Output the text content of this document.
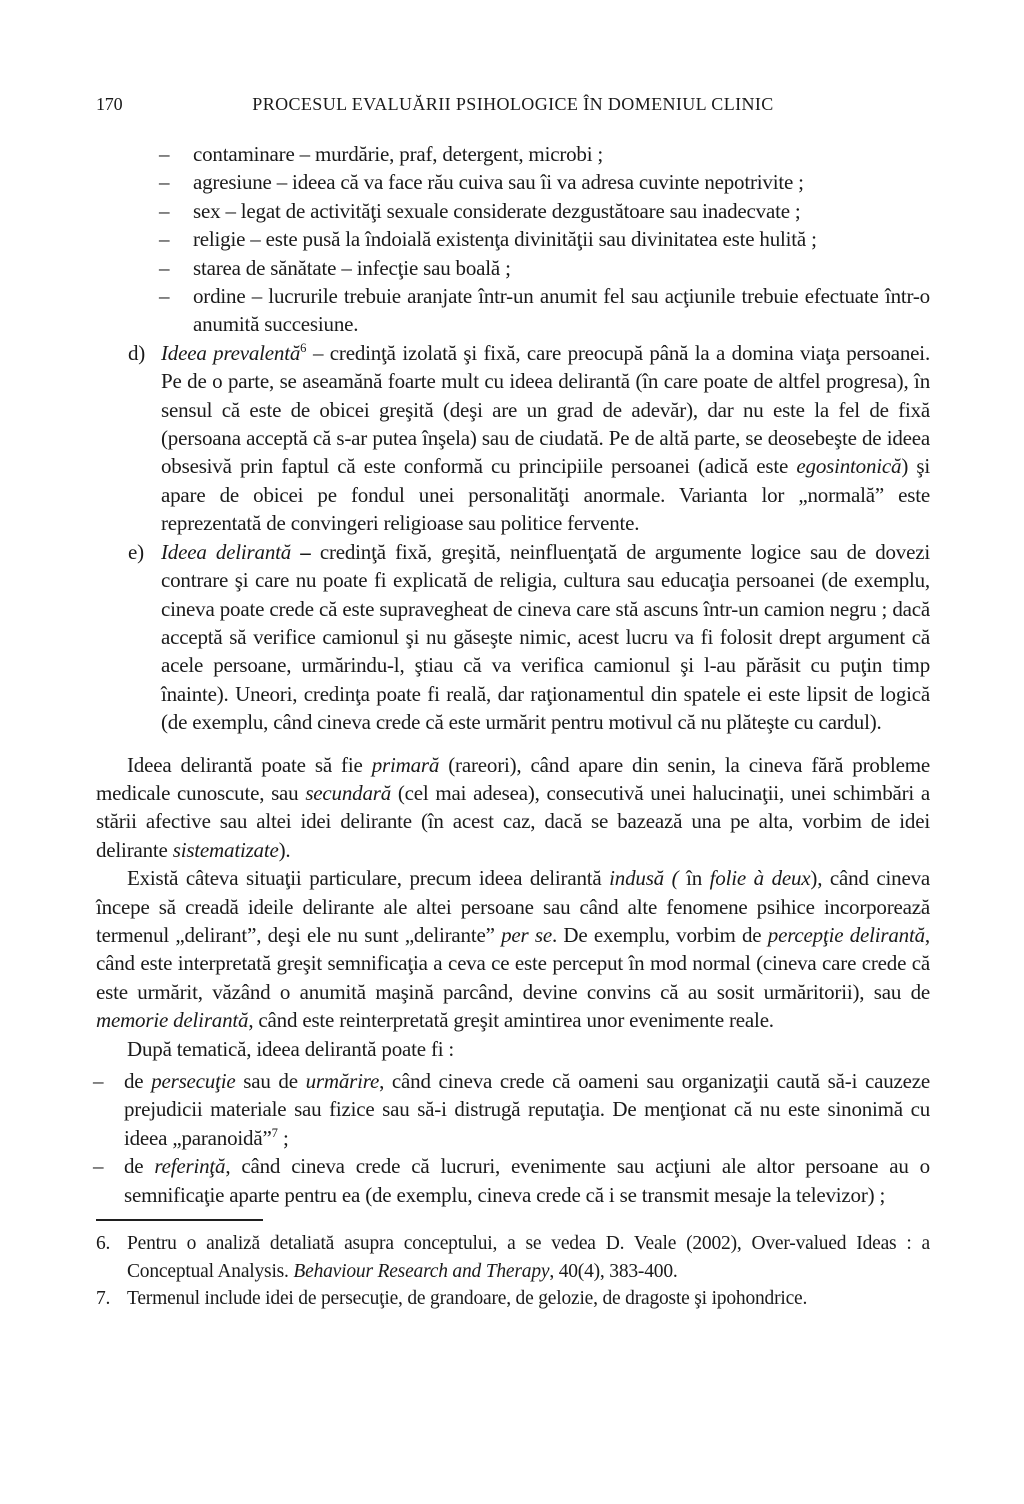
170	PROCESUL EVALUĂRII PSIHOLOGICE ÎN DOMENIUL CLINIC
– contaminare – murdărie, praf, detergent, microbi ;
– agresiune – ideea că va face rău cuiva sau îi va adresa cuvinte nepotrivite ;
– sex – legat de activităţi sexuale considerate dezgustătoare sau inadecvate ;
– religie – este pusă la îndoială existenţa divinităţii sau divinitatea este hulită ;
– starea de sănătate – infecţie sau boală ;
– ordine – lucrurile trebuie aranjate într-un anumit fel sau acţiunile trebuie efectuate într-o anumită succesiune.
d) Ideea prevalentă$^6$ – credinţă izolată şi fixă, care preocupă până la a domina viaţa persoanei. Pe de o parte, se aseamănă foarte mult cu ideea delirantă (în care poate de altfel progresa), în sensul că este de obicei greşită (deşi are un grad de adevăr), dar nu este la fel de fixă (persoana acceptă că s-ar putea înşela) sau de ciudată. Pe de altă parte, se deosebeşte de ideea obsesivă prin faptul că este conformă cu principiile persoanei (adică este egosintonică) şi apare de obicei pe fondul unei personalităţi anormale. Varianta lor „normală” este reprezentată de convingeri religioase sau politice fervente.
e) Ideea delirantă – credinţă fixă, greşită, neinfluenţată de argumente logice sau de dovezi contrare şi care nu poate fi explicată de religia, cultura sau educaţia persoanei (de exemplu, cineva poate crede că este supravegheat de cineva care stă ascuns într-un camion negru ; dacă acceptă să verifice camionul şi nu găseşte nimic, acest lucru va fi folosit drept argument că acele persoane, urmărindu-l, ştiau că va verifica camionul şi l-au părăsit cu puţin timp înainte). Uneori, credinţa poate fi reală, dar raţionamentul din spatele ei este lipsit de logică (de exemplu, când cineva crede că este urmărit pentru motivul că nu plăteşte cu cardul).

Ideea delirantă poate să fie primară (rareori), când apare din senin, la cineva fără probleme medicale cunoscute, sau secundară (cel mai adesea), consecutivă unei halucinaţii, unei schimbări a stării afective sau altei idei delirante (în acest caz, dacă se bazează una pe alta, vorbim de idei delirante sistematizate).

Există câteva situaţii particulare, precum ideea delirantă indusă ( în folie à deux), când cineva începe să creadă ideile delirante ale altei persoane sau când alte fenomene psihice incorporează termenul „delirant”, deşi ele nu sunt „delirante” per se. De exemplu, vorbim de percepţie delirantă, când este interpretată greşit semnificaţia a ceva ce este perceput în mod normal (cineva care crede că este urmărit, văzând o anumită maşină parcând, devine convins că au sosit urmăritorii), sau de memorie delirantă, când este reinterpretată greşit amintirea unor evenimente reale.

După tematică, ideea delirantă poate fi :

– de persecuţie sau de urmărire, când cineva crede că oameni sau organizaţii caută să-i cauzeze prejudicii materiale sau fizice sau să-i distrugă reputaţia. De menţionat că nu este sinonimă cu ideea „paranoidă”$^7$ ;
– de referinţă, când cineva crede că lucruri, evenimente sau acţiuni ale altor persoane au o semnificaţie aparte pentru ea (de exemplu, cineva crede că i se transmit mesaje la televizor) ;
6. Pentru o analiză detaliată asupra conceptului, a se vedea D. Veale (2002), Over-valued Ideas : a Conceptual Analysis. Behaviour Research and Therapy, 40(4), 383-400.
7. Termenul include idei de persecuţie, de grandoare, de gelozie, de dragoste şi ipohondrice.
